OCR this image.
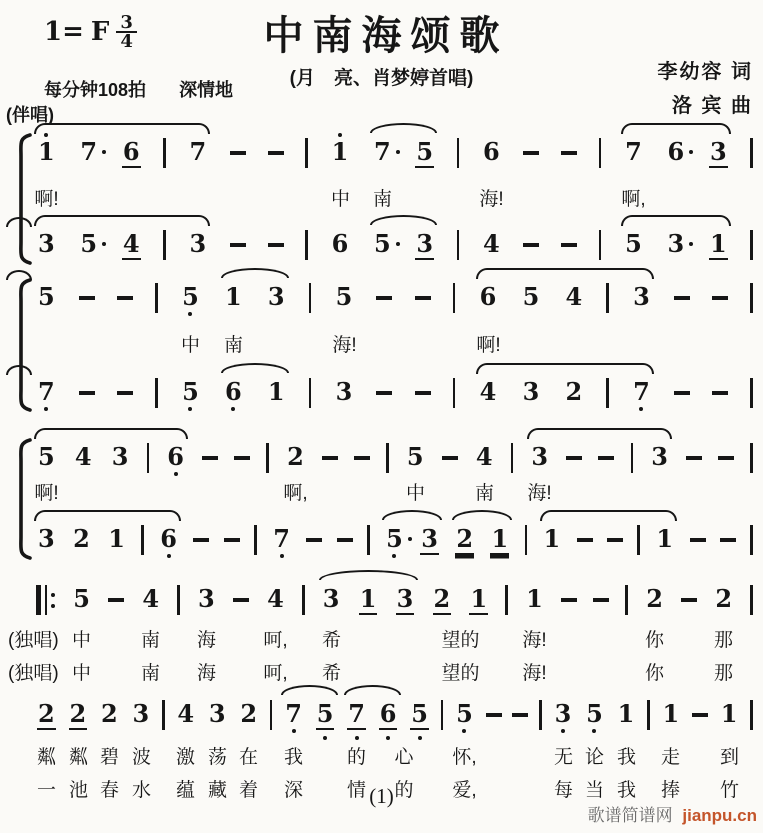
1= F $\frac{3}{4}$	中南海颂歌
(月　亮、肖梦婷首唱)
每分钟108拍 深情地
李幼容 词
洛 宾 曲
(伴唱)
(1)
歌谱简谱网 jianpu.cn
1 7 6 7	1 7 5 6	7 6 3
啊!	中 南	海!	啊,
3 5 4 3	6 5 3 4	5 3 1
5	5 1 3 5	6 5 4 3
中 南	海!	啊!
7	5 6 1 3	4 3 2 7
5 4 3 6	2	5 4 3	3
啊!	啊,	中	南 海!
3 2 1 6	7	5 3 2 1 1	1
5 4 3 4 3 1 3 2 1 1	2 2
(独唱) 中	南 海 呵, 希	望的 海!	你	那
(独唱) 中	南 海 呵, 希	望的 海!	你	那
2 2 2 3 4 3 2 7 5 7 6 5 5	3 5 1 1 1
粼 粼 碧 波 激 荡 在 我 的 心 怀,	无 论 我 走 到
一 池 春 水 蕴 藏 着 深 情 的 爱,	每 当 我 捧 竹
